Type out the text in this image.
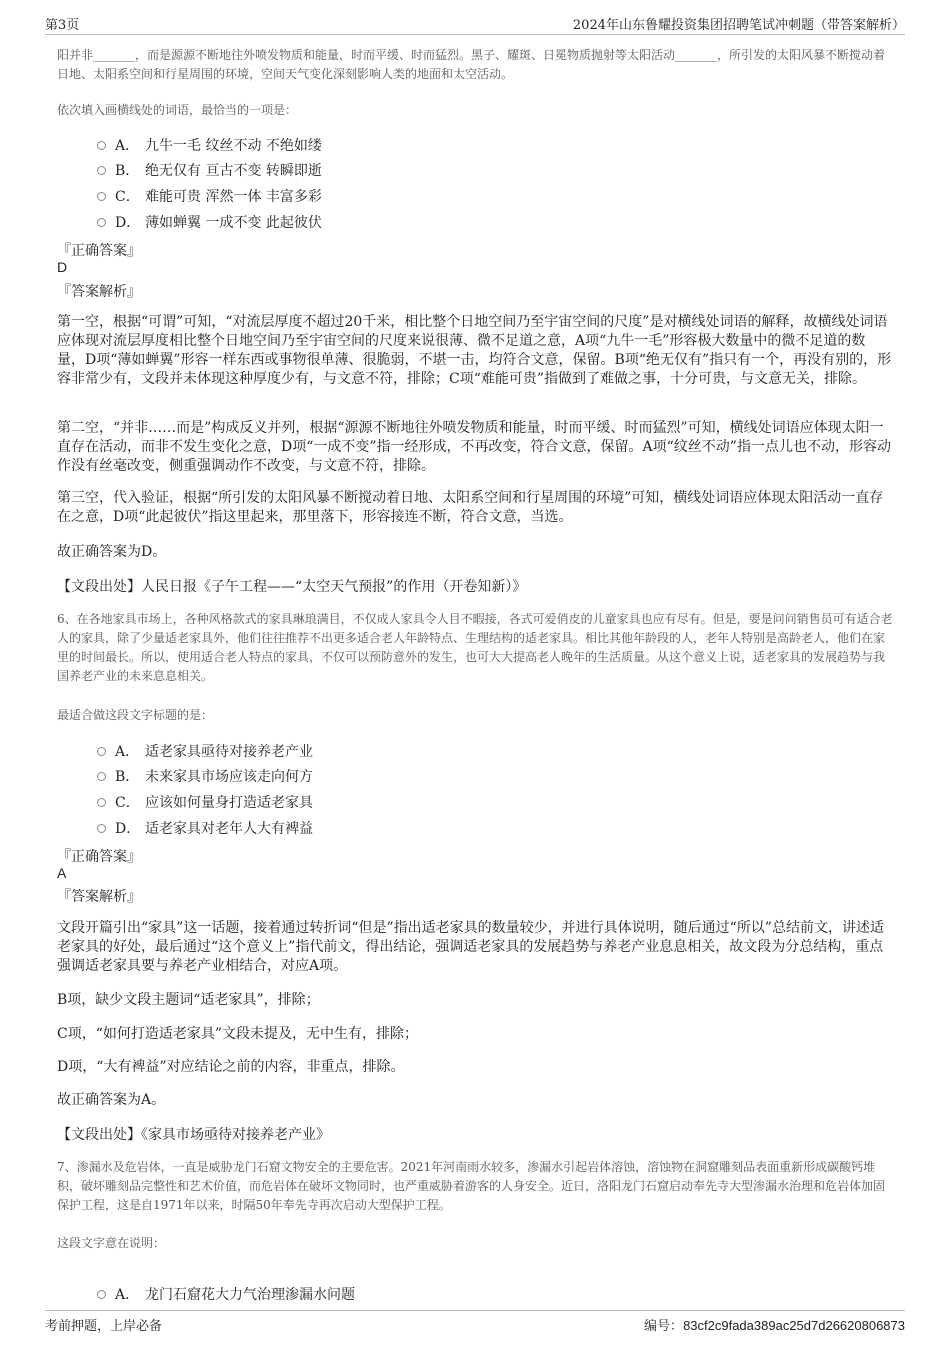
第3页	2024年山东鲁耀投资集团招聘笔试冲刺题（带答案解析）

阳并非_______，而是源源不断地往外喷发物质和能量，时而平缓、时而猛烈。黑子、耀斑、日冕物质抛射等太阳活动_______，所引发的太阳风暴不断搅动着日地、太阳系空间和行星周围的环境，空间天气变化深刻影响人类的地面和太空活动。

依次填入画横线处的词语，最恰当的一项是：

A． 九牛一毛 纹丝不动 不绝如缕
B． 绝无仅有 亘古不变 转瞬即逝
C． 难能可贵 浑然一体 丰富多彩
D． 薄如蝉翼 一成不变 此起彼伏

『正确答案』

D

『答案解析』

第一空，根据“可谓”可知，“对流层厚度不超过20千米，相比整个日地空间乃至宇宙空间的尺度”是对横线处词语的解释，故横线处词语应体现对流层厚度相比整个日地空间乃至宇宙空间的尺度来说很薄、微不足道之意，A项“九牛一毛”形容极大数量中的微不足道的数量，D项“薄如蝉翼”形容一样东西或事物很单薄、很脆弱，不堪一击，均符合文意，保留。B项“绝无仅有”指只有一个，再没有别的，形容非常少有，文段并未体现这种厚度少有，与文意不符，排除；C项“难能可贵”指做到了难做之事，十分可贵，与文意无关，排除。

第二空，“并非……而是”构成反义并列，根据“源源不断地往外喷发物质和能量，时而平缓、时而猛烈”可知，横线处词语应体现太阳一直存在活动，而非不发生变化之意，D项“一成不变”指一经形成，不再改变，符合文意，保留。A项“纹丝不动”指一点儿也不动，形容动作没有丝毫改变，侧重强调动作不改变，与文意不符，排除。

第三空，代入验证，根据“所引发的太阳风暴不断搅动着日地、太阳系空间和行星周围的环境”可知，横线处词语应体现太阳活动一直存在之意，D项“此起彼伏”指这里起来，那里落下，形容接连不断，符合文意，当选。

故正确答案为D。

【文段出处】人民日报《子午工程——“太空天气预报”的作用（开卷知新）》

6、在各地家具市场上，各种风格款式的家具琳琅满目，不仅成人家具令人目不暇接，各式可爱俏皮的儿童家具也应有尽有。但是，要是问问销售员可有适合老人的家具，除了少量适老家具外，他们往往推荐不出更多适合老人年龄特点、生理结构的适老家具。相比其他年龄段的人，老年人特别是高龄老人，他们在家里的时间最长。所以，使用适合老人特点的家具，不仅可以预防意外的发生，也可大大提高老人晚年的生活质量。从这个意义上说，适老家具的发展趋势与我国养老产业的未来息息相关。

最适合做这段文字标题的是：

A． 适老家具亟待对接养老产业
B． 未来家具市场应该走向何方
C． 应该如何量身打造适老家具
D． 适老家具对老年人大有裨益

『正确答案』

A

『答案解析』

文段开篇引出“家具”这一话题，接着通过转折词“但是”指出适老家具的数量较少，并进行具体说明，随后通过“所以”总结前文，讲述适老家具的好处，最后通过“这个意义上”指代前文，得出结论，强调适老家具的发展趋势与养老产业息息相关，故文段为分总结构，重点强调适老家具要与养老产业相结合，对应A项。

B项，缺少文段主题词“适老家具”，排除；

C项，“如何打造适老家具”文段未提及，无中生有，排除；

D项，“大有裨益”对应结论之前的内容，非重点，排除。

故正确答案为A。

【文段出处】《家具市场亟待对接养老产业》

7、渗漏水及危岩体，一直是威胁龙门石窟文物安全的主要危害。2021年河南雨水较多，渗漏水引起岩体溶蚀，溶蚀物在洞窟雕刻品表面重新形成碳酸钙堆积，破坏雕刻品完整性和艺术价值，而危岩体在破坏文物同时，也严重威胁着游客的人身安全。近日，洛阳龙门石窟启动奉先寺大型渗漏水治理和危岩体加固保护工程，这是自1971年以来，时隔50年奉先寺再次启动大型保护工程。

这段文字意在说明：

A． 龙门石窟花大力气治理渗漏水问题
考前押题，上岸必备	编号：83cf2c9fada389ac25d7d26620806873
